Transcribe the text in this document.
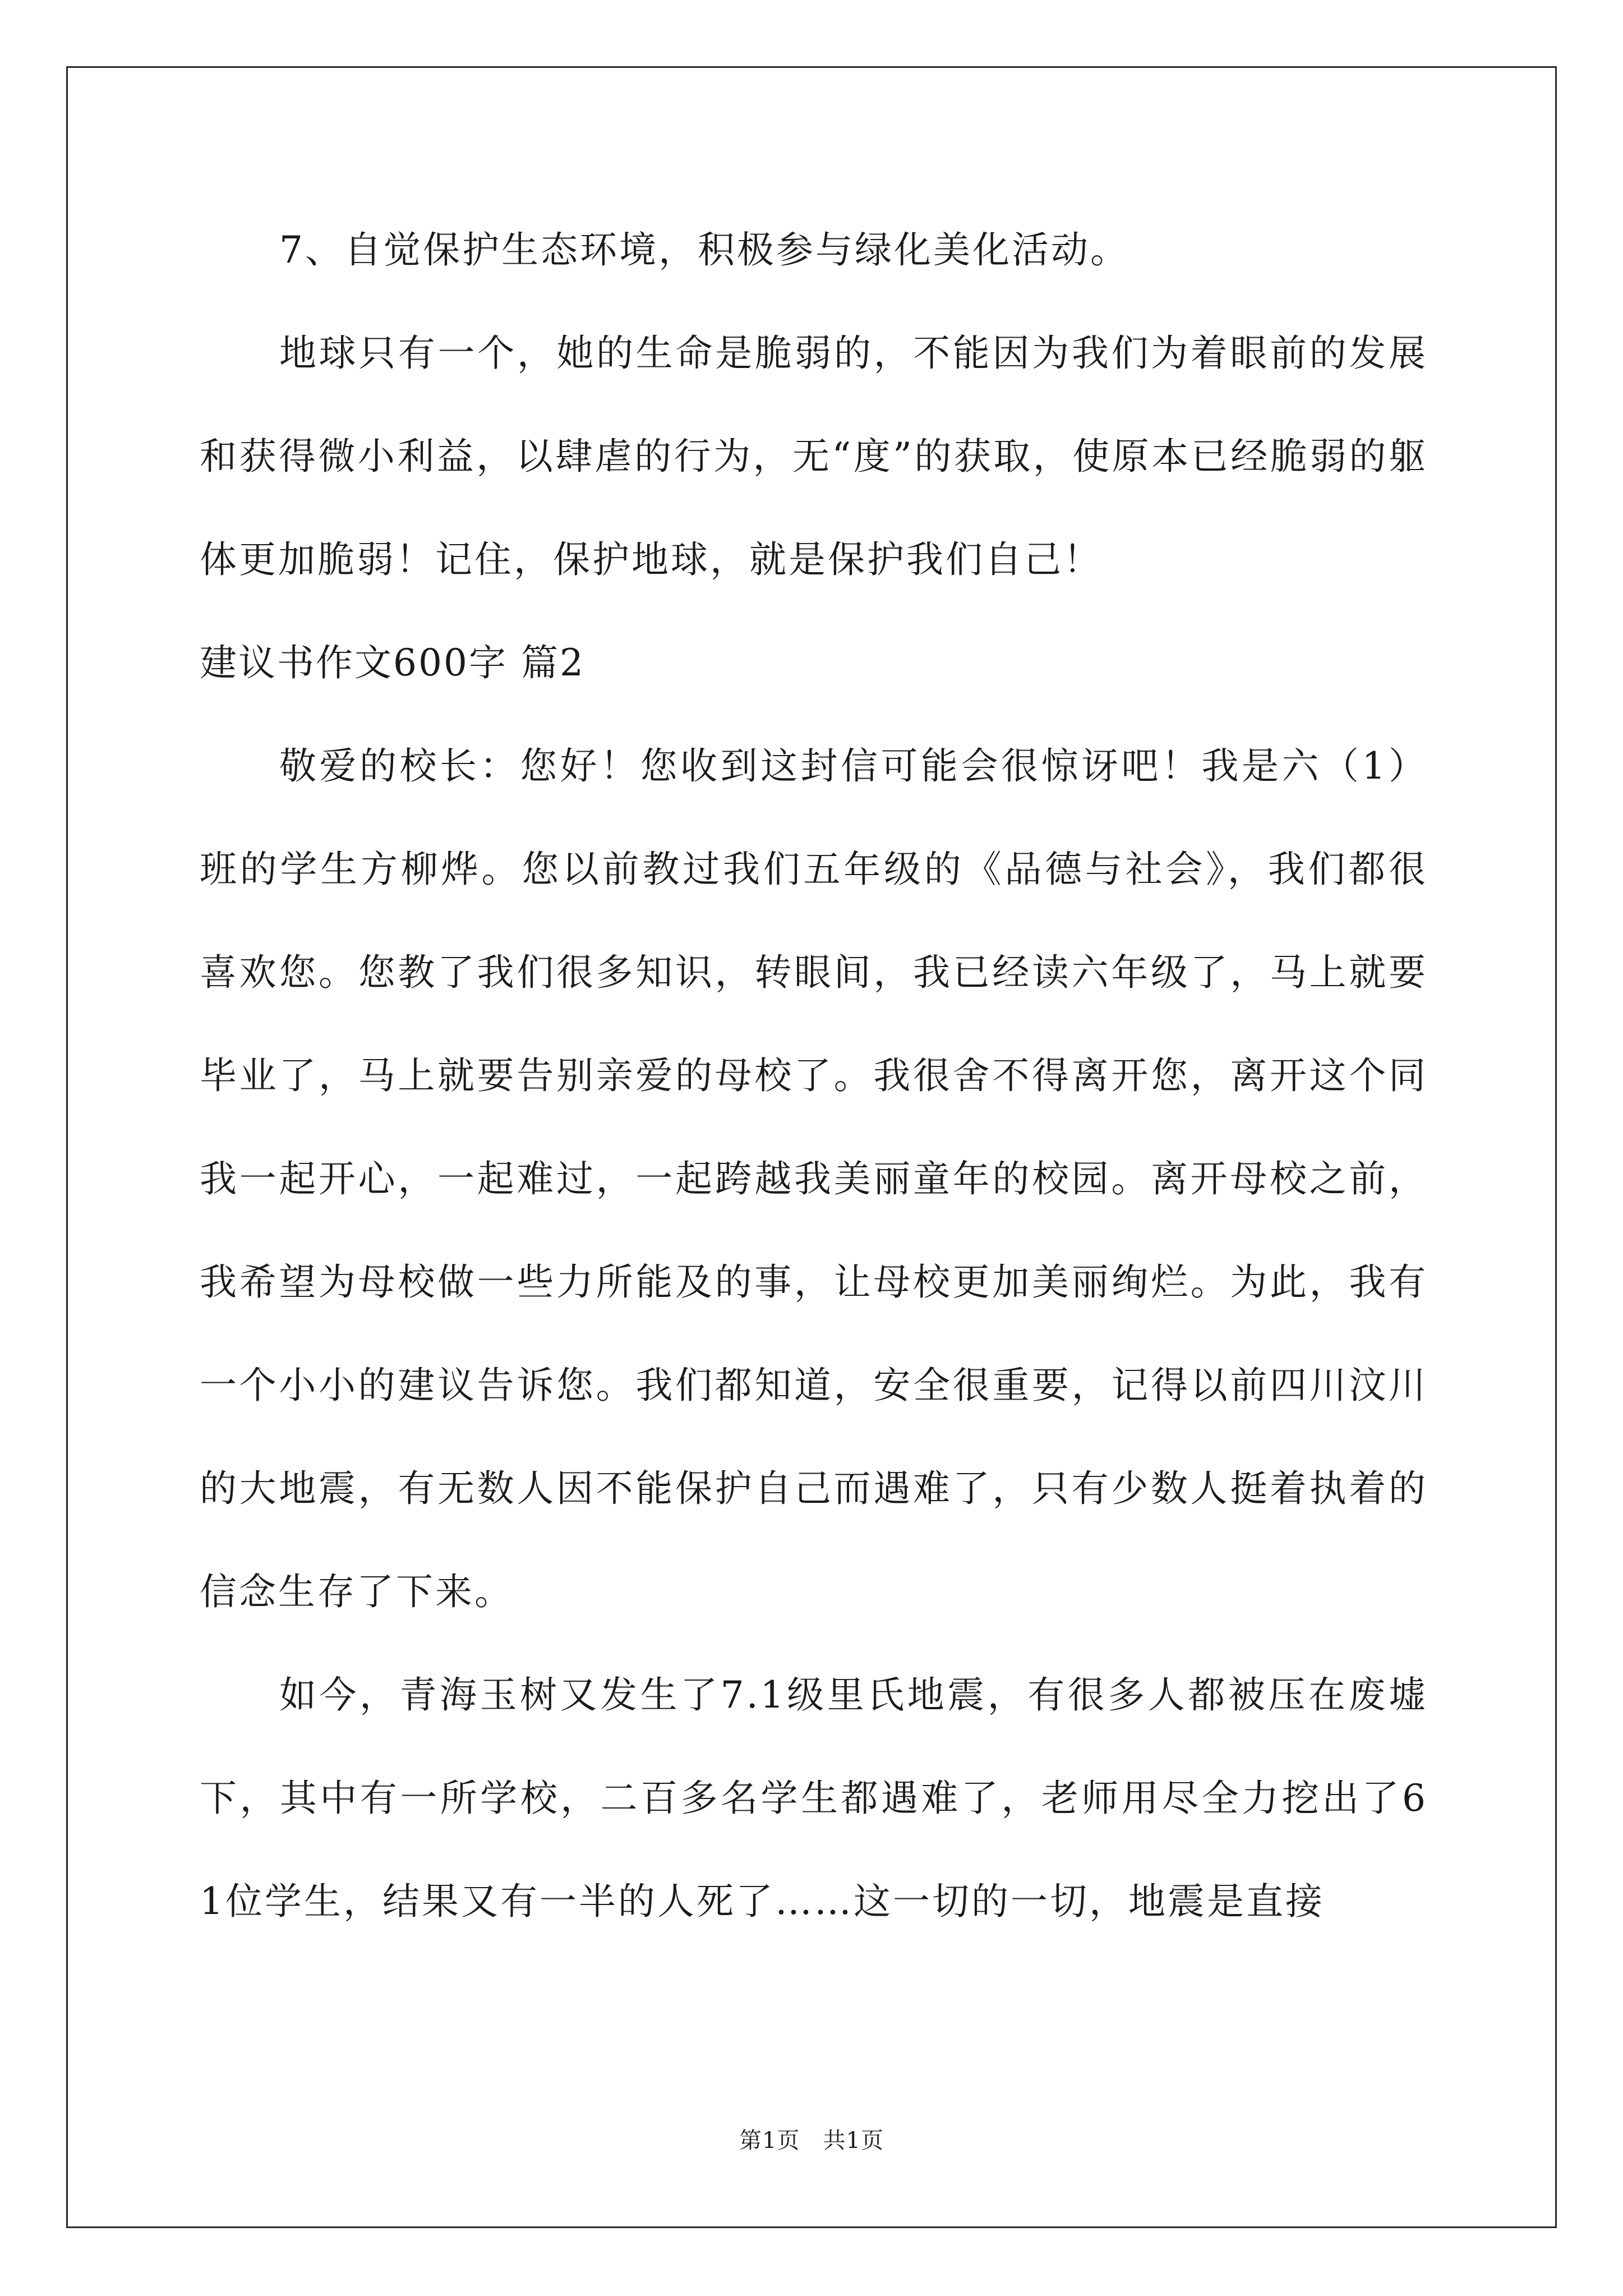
7、自觉保护生态环境，积极参与绿化美化活动。

地球只有一个，她的生命是脆弱的，不能因为我们为着眼前的发展和获得微小利益，以肆虐的行为，无“度”的获取，使原本已经脆弱的躯体更加脆弱！记住，保护地球，就是保护我们自己！

建议书作文600字 篇2

敬爱的校长：您好！您收到这封信可能会很惊讶吧！我是六（1）班的学生方柳烨。您以前教过我们五年级的《品德与社会》，我们都很喜欢您。您教了我们很多知识，转眼间，我已经读六年级了，马上就要毕业了，马上就要告别亲爱的母校了。我很舍不得离开您，离开这个同我一起开心，一起难过，一起跨越我美丽童年的校园。离开母校之前，我希望为母校做一些力所能及的事，让母校更加美丽绚烂。为此，我有一个小小的建议告诉您。我们都知道，安全很重要，记得以前四川汶川的大地震，有无数人因不能保护自己而遇难了，只有少数人挺着执着的信念生存了下来。

如今，青海玉树又发生了7.1级里氏地震，有很多人都被压在废墟下，其中有一所学校，二百多名学生都遇难了，老师用尽全力挖出了61位学生，结果又有一半的人死了……这一切的一切，地震是直接

第1页　共1页
